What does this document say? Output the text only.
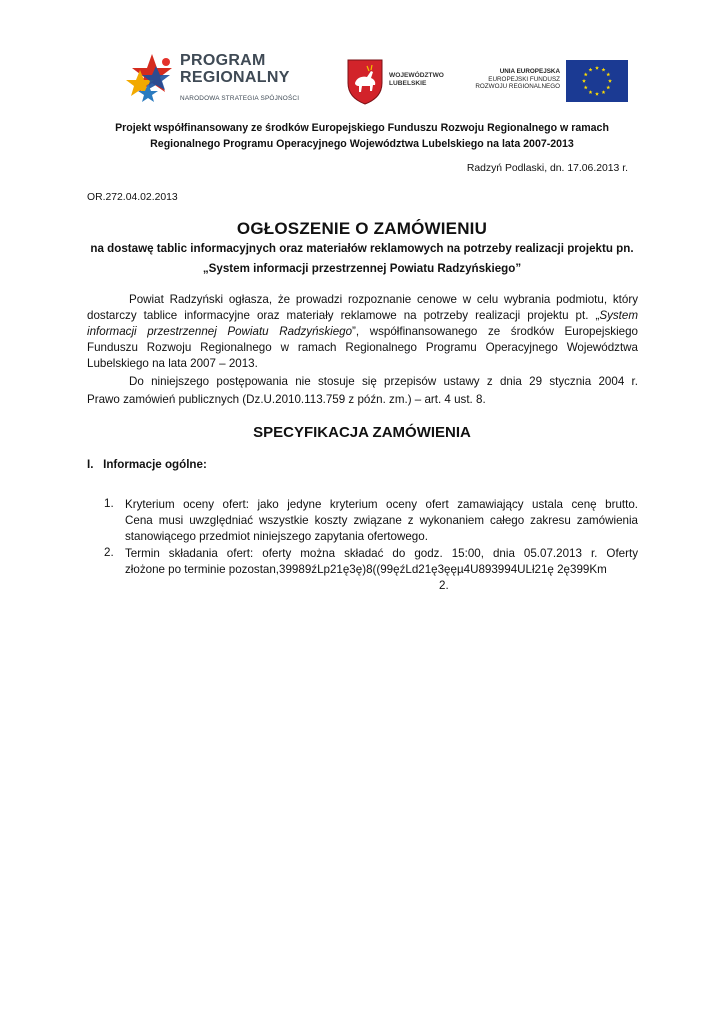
PROGRAM
REGIONALNY
NARODOWA STRATEGIA SPÓJNOŚCI
WOJEWÓDZTWO
LUBELSKIE
UNIA EUROPEJSKA
EUROPEJSKI FUNDUSZ
ROZWOJU REGIONALNEGO
Projekt współfinansowany ze środków Europejskiego Funduszu Rozwoju Regionalnego w ramach
Regionalnego Programu Operacyjnego Województwa Lubelskiego na lata 2007-2013
Radzyń Podlaski, dn. 17.06.2013 r.
OR.272.04.02.2013
OGŁOSZENIE O ZAMÓWIENIU
na dostawę tablic informacyjnych oraz materiałów reklamowych na potrzeby realizacji projektu pn.
„System informacji przestrzennej Powiatu Radzyńskiego”
Powiat Radzyński ogłasza, że prowadzi rozpoznanie cenowe w celu wybrania podmiotu, który
dostarczy tablice informacyjne oraz materiały reklamowe na potrzeby realizacji projektu pt. „System
informacji przestrzennej Powiatu Radzyńskiego”, współfinansowanego ze środków Europejskiego
Funduszu Rozwoju Regionalnego w ramach Regionalnego Programu Operacyjnego Województwa
Lubelskiego na lata 2007 – 2013.
Do niniejszego postępowania nie stosuje się przepisów ustawy z dnia 29 stycznia 2004 r.
Prawo zamówień publicznych (Dz.U.2010.113.759 z późn. zm.) – art. 4 ust. 8.
SPECYFIKACJA ZAMÓWIENIA
I.   Informacje ogólne:
1. Kryterium oceny ofert: jako jedyne kryterium oceny ofert zamawiający ustala cenę brutto.
Cena musi uwzględniać wszystkie koszty związane z wykonaniem całego zakresu zamówienia
stanowiącego przedmiot niniejszego zapytania ofertowego.
2. Termin składania ofert: oferty można składać do godz. 15:00, dnia 05.07.2013 r. Oferty
złożone po terminie pozostan,39989źLp21ę3ę)8((99ęźLd21ę3ęęµ4U893994ULł21ę 2ę399Km
2.
